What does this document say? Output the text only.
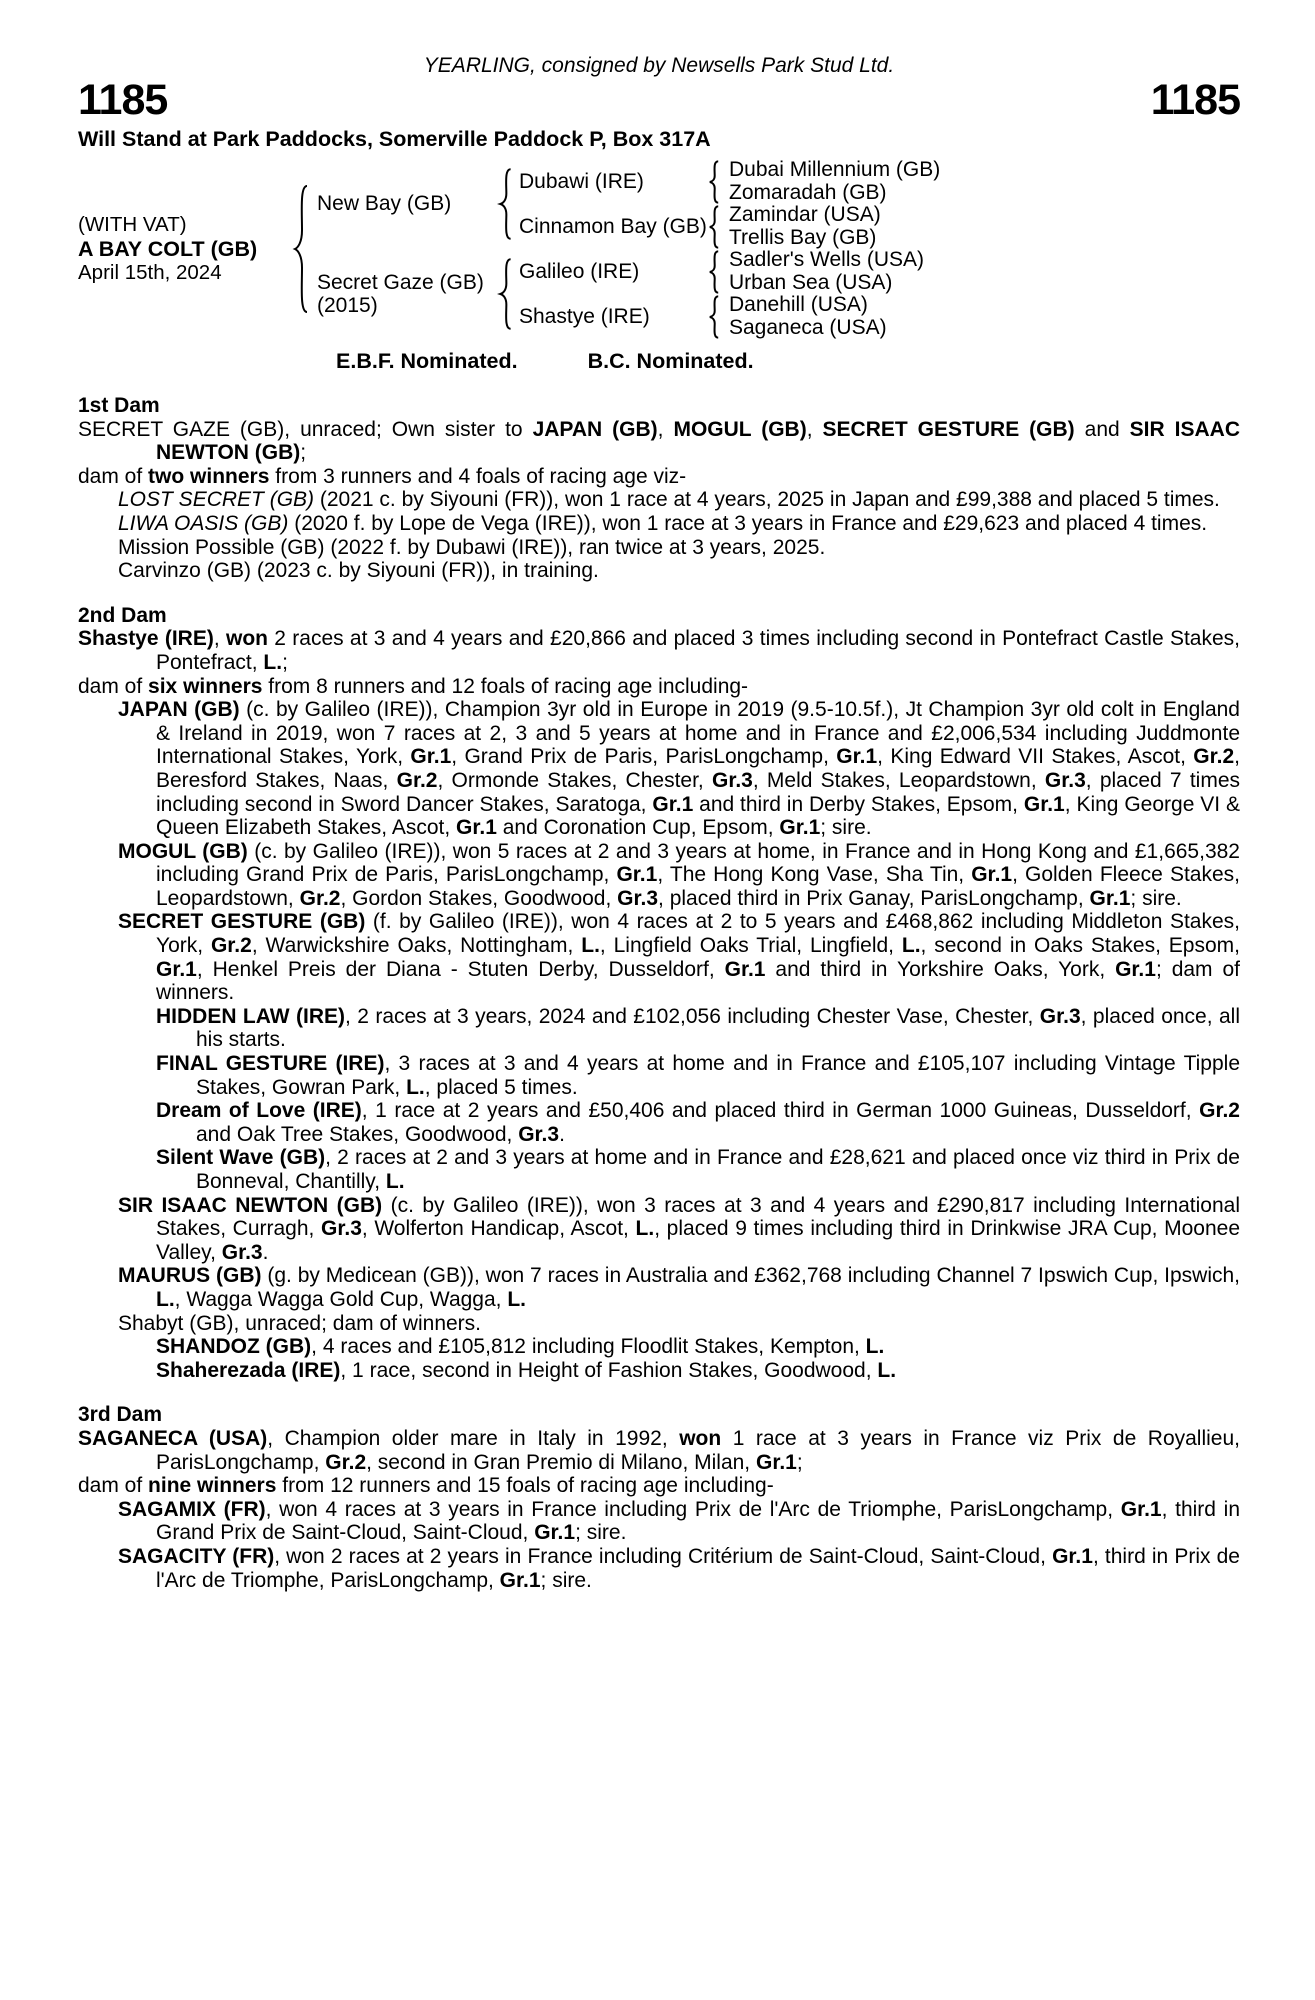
YEARLING, consigned by Newsells Park Stud Ltd.
1185	1185
Will Stand at Park Paddocks, Somerville Paddock P, Box 317A
(WITH VAT)
A BAY COLT (GB)
April 15th, 2024
New Bay (GB)
Secret Gaze (GB)
(2015)
Dubawi (IRE)
Cinnamon Bay (GB)
Galileo (IRE)
Shastye (IRE)
Dubai Millennium (GB)
Zomaradah (GB)
Zamindar (USA)
Trellis Bay (GB)
Sadler's Wells (USA)
Urban Sea (USA)
Danehill (USA)
Saganeca (USA)
E.B.F. Nominated.	B.C. Nominated.
1st Dam
SECRET GAZE (GB), unraced; Own sister to JAPAN (GB), MOGUL (GB), SECRET GESTURE (GB) and SIR ISAAC NEWTON (GB);
dam of two winners from 3 runners and 4 foals of racing age viz-
LOST SECRET (GB) (2021 c. by Siyouni (FR)), won 1 race at 4 years, 2025 in Japan and £99,388 and placed 5 times.
LIWA OASIS (GB) (2020 f. by Lope de Vega (IRE)), won 1 race at 3 years in France and £29,623 and placed 4 times.
Mission Possible (GB) (2022 f. by Dubawi (IRE)), ran twice at 3 years, 2025.
Carvinzo (GB) (2023 c. by Siyouni (FR)), in training.
2nd Dam
Shastye (IRE), won 2 races at 3 and 4 years and £20,866 and placed 3 times including second in Pontefract Castle Stakes, Pontefract, L.;
dam of six winners from 8 runners and 12 foals of racing age including-
JAPAN (GB) (c. by Galileo (IRE)), Champion 3yr old in Europe in 2019 (9.5-10.5f.), Jt Champion 3yr old colt in England & Ireland in 2019, won 7 races at 2, 3 and 5 years at home and in France and £2,006,534 including Juddmonte International Stakes, York, Gr.1, Grand Prix de Paris, ParisLongchamp, Gr.1, King Edward VII Stakes, Ascot, Gr.2, Beresford Stakes, Naas, Gr.2, Ormonde Stakes, Chester, Gr.3, Meld Stakes, Leopardstown, Gr.3, placed 7 times including second in Sword Dancer Stakes, Saratoga, Gr.1 and third in Derby Stakes, Epsom, Gr.1, King George VI & Queen Elizabeth Stakes, Ascot, Gr.1 and Coronation Cup, Epsom, Gr.1; sire.
MOGUL (GB) (c. by Galileo (IRE)), won 5 races at 2 and 3 years at home, in France and in Hong Kong and £1,665,382 including Grand Prix de Paris, ParisLongchamp, Gr.1, The Hong Kong Vase, Sha Tin, Gr.1, Golden Fleece Stakes, Leopardstown, Gr.2, Gordon Stakes, Goodwood, Gr.3, placed third in Prix Ganay, ParisLongchamp, Gr.1; sire.
SECRET GESTURE (GB) (f. by Galileo (IRE)), won 4 races at 2 to 5 years and £468,862 including Middleton Stakes, York, Gr.2, Warwickshire Oaks, Nottingham, L., Lingfield Oaks Trial, Lingfield, L., second in Oaks Stakes, Epsom, Gr.1, Henkel Preis der Diana - Stuten Derby, Dusseldorf, Gr.1 and third in Yorkshire Oaks, York, Gr.1; dam of winners.
HIDDEN LAW (IRE), 2 races at 3 years, 2024 and £102,056 including Chester Vase, Chester, Gr.3, placed once, all his starts.
FINAL GESTURE (IRE), 3 races at 3 and 4 years at home and in France and £105,107 including Vintage Tipple Stakes, Gowran Park, L., placed 5 times.
Dream of Love (IRE), 1 race at 2 years and £50,406 and placed third in German 1000 Guineas, Dusseldorf, Gr.2 and Oak Tree Stakes, Goodwood, Gr.3.
Silent Wave (GB), 2 races at 2 and 3 years at home and in France and £28,621 and placed once viz third in Prix de Bonneval, Chantilly, L.
SIR ISAAC NEWTON (GB) (c. by Galileo (IRE)), won 3 races at 3 and 4 years and £290,817 including International Stakes, Curragh, Gr.3, Wolferton Handicap, Ascot, L., placed 9 times including third in Drinkwise JRA Cup, Moonee Valley, Gr.3.
MAURUS (GB) (g. by Medicean (GB)), won 7 races in Australia and £362,768 including Channel 7 Ipswich Cup, Ipswich, L., Wagga Wagga Gold Cup, Wagga, L.
Shabyt (GB), unraced; dam of winners.
SHANDOZ (GB), 4 races and £105,812 including Floodlit Stakes, Kempton, L.
Shaherezada (IRE), 1 race, second in Height of Fashion Stakes, Goodwood, L.
3rd Dam
SAGANECA (USA), Champion older mare in Italy in 1992, won 1 race at 3 years in France viz Prix de Royallieu, ParisLongchamp, Gr.2, second in Gran Premio di Milano, Milan, Gr.1;
dam of nine winners from 12 runners and 15 foals of racing age including-
SAGAMIX (FR), won 4 races at 3 years in France including Prix de l'Arc de Triomphe, ParisLongchamp, Gr.1, third in Grand Prix de Saint-Cloud, Saint-Cloud, Gr.1; sire.
SAGACITY (FR), won 2 races at 2 years in France including Critérium de Saint-Cloud, Saint-Cloud, Gr.1, third in Prix de l'Arc de Triomphe, ParisLongchamp, Gr.1; sire.
